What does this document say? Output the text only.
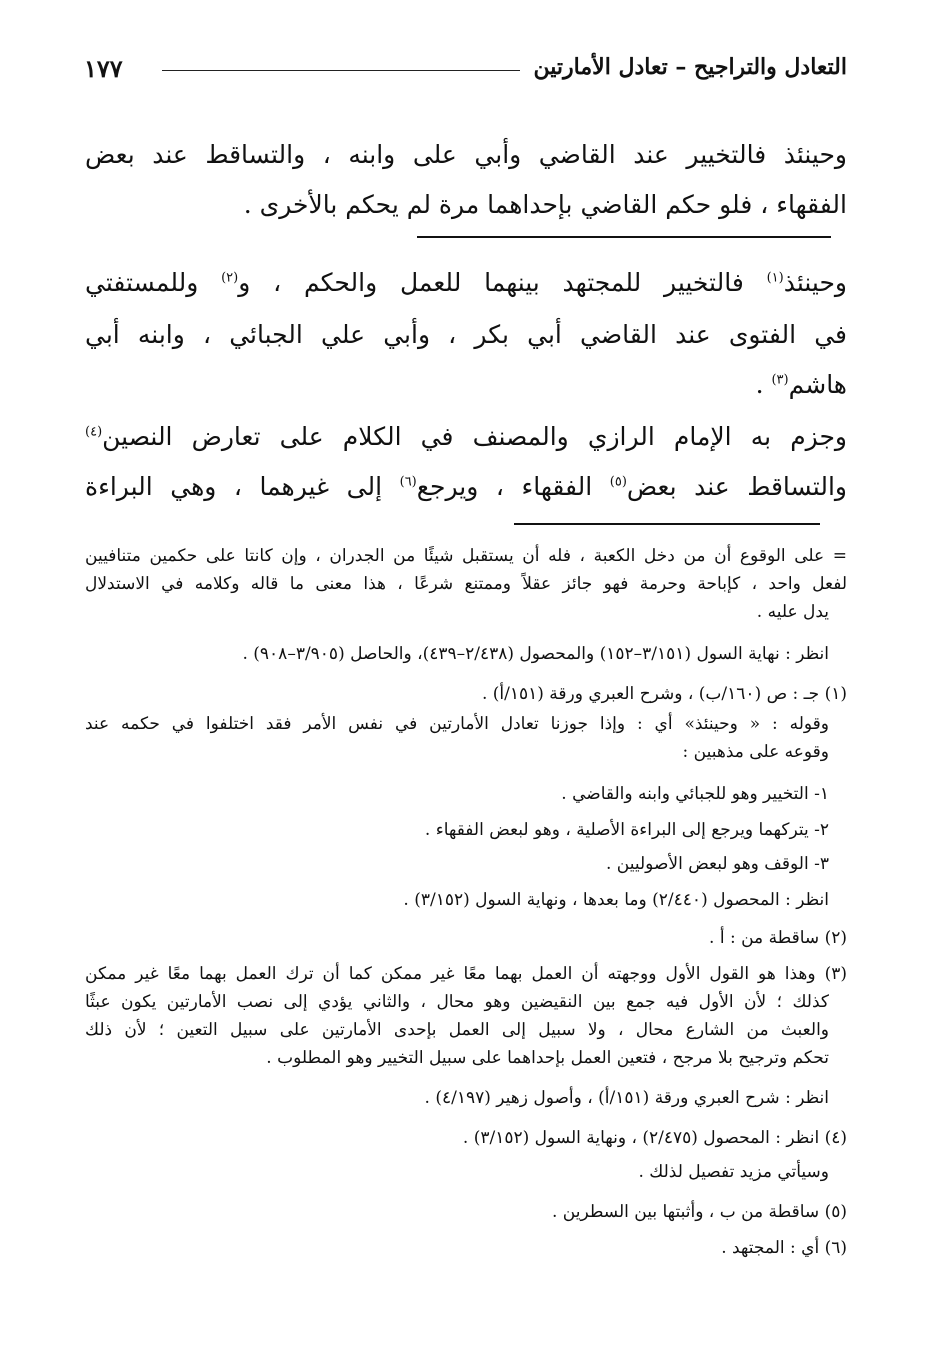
التعادل والتراجيح – تعادل الأمارتين
١٧٧
وحينئذ فالتخيير عند القاضي وأبي على وابنه ، والتساقط عند بعض
الفقهاء ، فلو حكم القاضي بإحداهما مرة لم يحكم بالأخرى .
وحينئذ$^{(١)}$ فالتخيير للمجتهد بينهما للعمل والحكم ، و$^{(٢)}$ وللمستفتي
في الفتوى عند القاضي أبي بكر ، وأبي علي الجبائي ، وابنه أبي
هاشم$^{(٣)}$ .
وجزم به الإمام الرازي والمصنف في الكلام على تعارض النصين$^{(٤)}$
والتساقط عند بعض$^{(٥)}$ الفقهاء ، ويرجع$^{(٦)}$ إلى غيرهما ، وهي البراءة
= على الوقوع أن من دخل الكعبة ، فله أن يستقبل شيئًا من الجدران ، وإن كانتا على حكمين متنافيين
لفعل واحد ، كإباحة وحرمة فهو جائز عقلاً وممتنع شرعًا ، هذا معنى ما قاله وكلامه في الاستدلال
يدل عليه .
انظر : نهاية السول (٣/١٥١–١٥٢) والمحصول (٢/٤٣٨–٤٣٩)، والحاصل (٣/٩٠٥–٩٠٨) .
(١) جـ : ص (١٦٠/ب) ، وشرح العبري ورقة (١٥١/أ) .
وقوله : « وحينئذ» أي : وإذا جوزنا تعادل الأمارتين في نفس الأمر فقد اختلفوا في حكمه عند
وقوعه على مذهبين :
١- التخيير وهو للجبائي وابنه والقاضي .
٢- يتركهما ويرجع إلى البراءة الأصلية ، وهو لبعض الفقهاء .
٣- الوقف وهو لبعض الأصوليين .
انظر : المحصول (٢/٤٤٠) وما بعدها ، ونهاية السول (٣/١٥٢) .
(٢) ساقطة من : أ .
(٣) وهذا هو القول الأول ووجهته أن العمل بهما معًا غير ممكن كما أن ترك العمل بهما معًا غير ممكن
كذلك ؛ لأن الأول فيه جمع بين النقيضين وهو محال ، والثاني يؤدي إلى نصب الأمارتين يكون عبثًا
والعبث من الشارع محال ، ولا سبيل إلى العمل بإحدى الأمارتين على سبيل التعين ؛ لأن ذلك
تحكم وترجيح بلا مرجح ، فتعين العمل بإحداهما على سبيل التخيير وهو المطلوب .
انظر : شرح العبري ورقة (١٥١/أ) ، وأصول زهير (٤/١٩٧) .
(٤) انظر : المحصول (٢/٤٧٥) ، ونهاية السول (٣/١٥٢) .
وسيأتي مزيد تفصيل لذلك .
(٥) ساقطة من ب ، وأثبتها بين السطرين .
(٦) أي : المجتهد .
